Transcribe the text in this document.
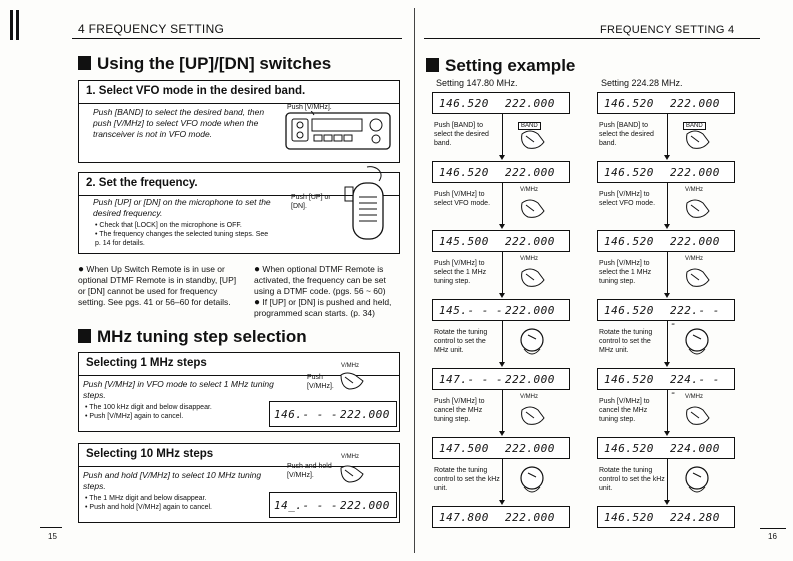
4 FREQUENCY SETTING
Using the [UP]/[DN] switches
1. Select VFO mode in the desired band.
Push [BAND] to select the desired band, then push [V/MHz] to select VFO mode when the transceiver is not in VFO mode.
Push [V/MHz].
2. Set the frequency.
Push [UP] or [DN] on the microphone to set the desired frequency.
• Check that [LOCK] on the microphone is OFF.
• The frequency changes the selected tuning steps. See p. 14 for details.
Push [UP] or [DN].
● When Up Switch Remote is in use or optional DTMF Remote is in standby, [UP] or [DN] cannot be used for frequency setting. See pgs. 41 or 56–60 for details.
● When optional DTMF Remote is activated, the frequency can be set using a DTMF code. (pgs. 56 ~ 60)
● If [UP] or [DN] is pushed and held, programmed scan starts. (p. 34)
MHz tuning step selection
Selecting 1 MHz steps
Push [V/MHz] in VFO mode to select 1 MHz tuning steps.
• The 100 kHz digit and below disappear.
• Push [V/MHz] again to cancel.
Push [V/MHz].
V/MHz
146.- - - 222.000
Selecting 10 MHz steps
Push and hold [V/MHz] to select 10 MHz tuning steps.
• The 1 MHz digit and below disappear.
• Push and hold [V/MHz] again to cancel.
Push and hold [V/MHz].
V/MHz
14_.- - - 222.000
15
FREQUENCY SETTING 4
Setting example
Setting 147.80 MHz.
146.520 222.000
Push [BAND] to select the desired band.
BAND
146.520 222.000
Push [V/MHz] to select VFO mode.
V/MHz
145.500 222.000
Push [V/MHz] to select the 1 MHz tuning step.
V/MHz
145.- - - 222.000
Rotate the tuning control to set the MHz unit.
147.- - - 222.000
Push [V/MHz] to cancel the MHz tuning step.
V/MHz
147.500 222.000
Rotate the tuning control to set the kHz unit.
147.800 222.000
Setting 224.28 MHz.
146.520 222.000
Push [BAND] to select the desired band.
BAND
146.520 222.000
Push [V/MHz] to select VFO mode.
V/MHz
146.520 222.000
Push [V/MHz] to select the 1 MHz tuning step.
V/MHz
146.520 222.- - -
Rotate the tuning control to set the MHz unit.
146.520 224.- - -
Push [V/MHz] to cancel the MHz tuning step.
V/MHz
146.520 224.000
Rotate the tuning control to set the kHz unit.
146.520 224.280
16
